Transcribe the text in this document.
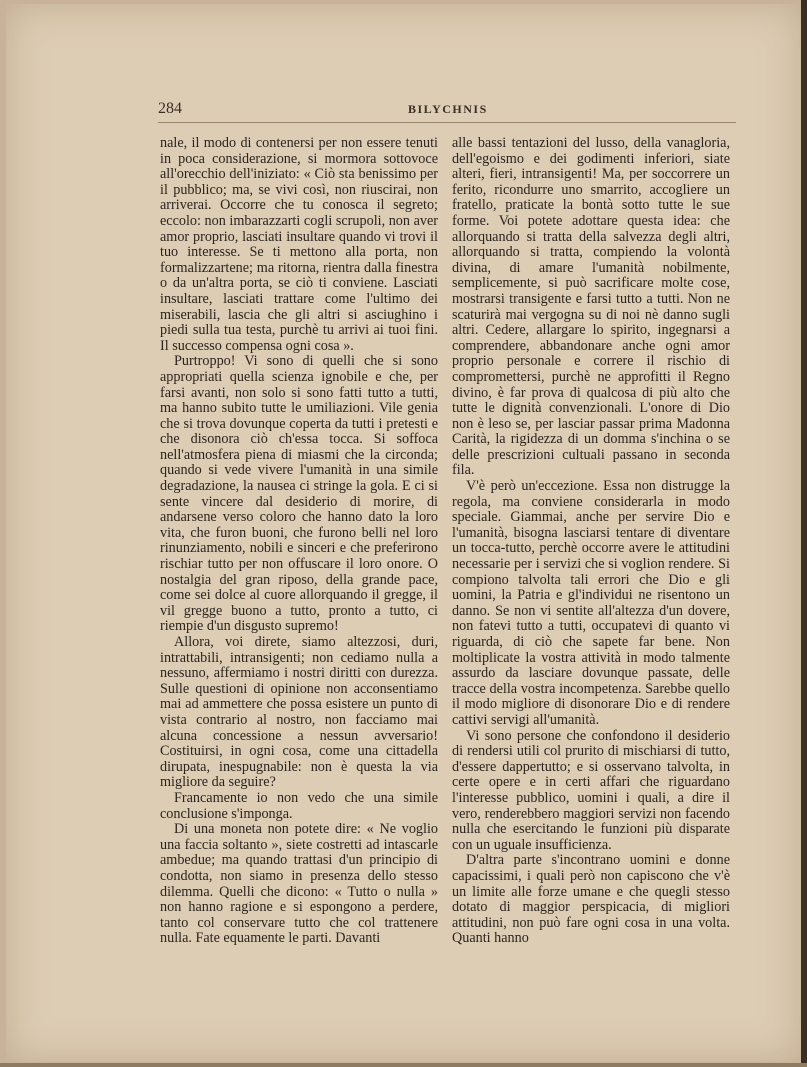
284	BILYCHNIS

nale, il modo di contenersi per non essere tenuti in poca considerazione, si mormora sottovoce all'orecchio dell'iniziato: « Ciò sta benissimo per il pubblico; ma, se vivi così, non riuscirai, non arriverai. Occorre che tu conosca il segreto; eccolo: non imbarazzarti cogli scrupoli, non aver amor proprio, lasciati insultare quando vi trovi il tuo interesse. Se ti mettono alla porta, non formalizzartene; ma ritorna, rientra dalla finestra o da un'altra porta, se ciò ti conviene. Lasciati insultare, lasciati trattare come l'ultimo dei miserabili, lascia che gli altri si asciughino i piedi sulla tua testa, purchè tu arrivi ai tuoi fini. Il successo compensa ogni cosa ».

Purtroppo! Vi sono di quelli che si sono appropriati quella scienza ignobile e che, per farsi avanti, non solo si sono fatti tutto a tutti, ma hanno subito tutte le umiliazioni. Vile genia che si trova dovunque coperta da tutti i pretesti e che disonora ciò ch'essa tocca. Si soffoca nell'atmosfera piena di miasmi che la circonda; quando si vede vivere l'umanità in una simile degradazione, la nausea ci stringe la gola. E ci si sente vincere dal desiderio di morire, di andarsene verso coloro che hanno dato la loro vita, che furon buoni, che furono belli nel loro rinunziamento, nobili e sinceri e che preferirono rischiar tutto per non offuscare il loro onore. O nostalgia del gran riposo, della grande pace, come sei dolce al cuore allorquando il gregge, il vil gregge buono a tutto, pronto a tutto, ci riempie d'un disgusto supremo!

Allora, voi direte, siamo altezzosi, duri, intrattabili, intransigenti; non cediamo nulla a nessuno, affermiamo i nostri diritti con durezza. Sulle questioni di opinione non acconsentiamo mai ad ammettere che possa esistere un punto di vista contrario al nostro, non facciamo mai alcuna concessione a nessun avversario! Costituirsi, in ogni cosa, come una cittadella dirupata, inespugnabile: non è questa la via migliore da seguire?

Francamente io non vedo che una simile conclusione s'imponga.

Di una moneta non potete dire: « Ne voglio una faccia soltanto », siete costretti ad intascarle ambedue; ma quando trattasi d'un principio di condotta, non siamo in presenza dello stesso dilemma. Quelli che dicono: « Tutto o nulla » non hanno ragione e si espongono a perdere, tanto col conservare tutto che col trattenere nulla. Fate equamente le parti. Davanti

alle bassi tentazioni del lusso, della vanagloria, dell'egoismo e dei godimenti inferiori, siate alteri, fieri, intransigenti! Ma, per soccorrere un ferito, ricondurre uno smarrito, accogliere un fratello, praticate la bontà sotto tutte le sue forme. Voi potete adottare questa idea: che allorquando si tratta della salvezza degli altri, allorquando si tratta, compiendo la volontà divina, di amare l'umanità nobilmente, semplicemente, si può sacrificare molte cose, mostrarsi transigente e farsi tutto a tutti. Non ne scaturirà mai vergogna su di noi nè danno sugli altri. Cedere, allargare lo spirito, ingegnarsi a comprendere, abbandonare anche ogni amor proprio personale e correre il rischio di compromettersi, purchè ne approfitti il Regno divino, è far prova di qualcosa di più alto che tutte le dignità convenzionali. L'onore di Dio non è leso se, per lasciar passar prima Madonna Carità, la rigidezza di un domma s'inchina o se delle prescrizioni cultuali passano in seconda fila.

V'è però un'eccezione. Essa non distrugge la regola, ma conviene considerarla in modo speciale. Giammai, anche per servire Dio e l'umanità, bisogna lasciarsi tentare di diventare un tocca-tutto, perchè occorre avere le attitudini necessarie per i servizi che si voglion rendere. Si compiono talvolta tali errori che Dio e gli uomini, la Patria e gl'individui ne risentono un danno. Se non vi sentite all'altezza d'un dovere, non fatevi tutto a tutti, occupatevi di quanto vi riguarda, di ciò che sapete far bene. Non moltiplicate la vostra attività in modo talmente assurdo da lasciare dovunque passate, delle tracce della vostra incompetenza. Sarebbe quello il modo migliore di disonorare Dio e di rendere cattivi servigi all'umanità.

Vi sono persone che confondono il desiderio di rendersi utili col prurito di mischiarsi di tutto, d'essere dappertutto; e si osservano talvolta, in certe opere e in certi affari che riguardano l'interesse pubblico, uomini i quali, a dire il vero, renderebbero maggiori servizi non facendo nulla che esercitando le funzioni più disparate con un uguale insufficienza.

D'altra parte s'incontrano uomini e donne capacissimi, i quali però non capiscono che v'è un limite alle forze umane e che quegli stesso dotato di maggior perspicacia, di migliori attitudini, non può fare ogni cosa in una volta. Quanti hanno
